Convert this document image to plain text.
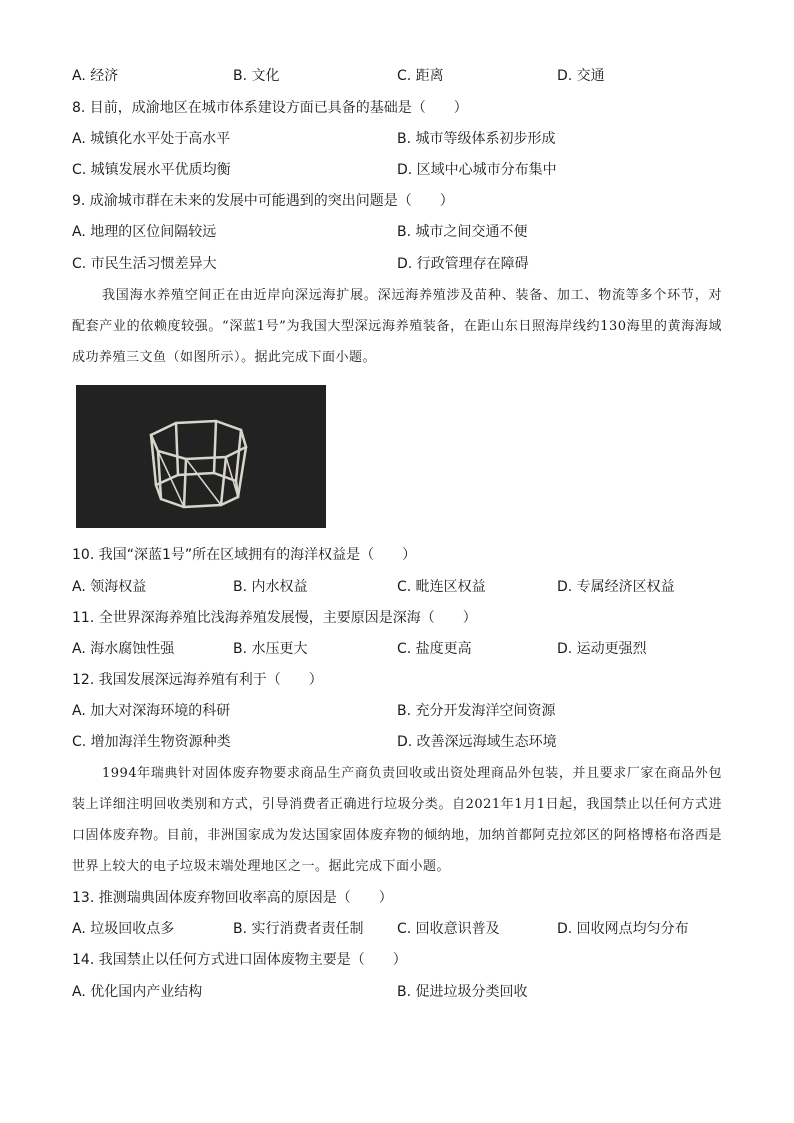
A. 经济	B. 文化	C. 距离	D. 交通
8. 目前，成渝地区在城市体系建设方面已具备的基础是（　　）
A. 城镇化水平处于高水平	B. 城市等级体系初步形成
C. 城镇发展水平优质均衡	D. 区域中心城市分布集中
9. 成渝城市群在未来的发展中可能遇到的突出问题是（　　）
A. 地理的区位间隔较远	B. 城市之间交通不便
C. 市民生活习惯差异大	D. 行政管理存在障碍
我国海水养殖空间正在由近岸向深远海扩展。深远海养殖涉及苗种、装备、加工、物流等多个环节，对配套产业的依赖度较强。“深蓝1号”为我国大型深远海养殖装备，在距山东日照海岸线约130海里的黄海海域成功养殖三文鱼（如图所示）。据此完成下面小题。
10. 我国“深蓝1号”所在区域拥有的海洋权益是（　　）
A. 领海权益	B. 内水权益	C. 毗连区权益	D. 专属经济区权益
11. 全世界深海养殖比浅海养殖发展慢，主要原因是深海（　　）
A. 海水腐蚀性强	B. 水压更大	C. 盐度更高	D. 运动更强烈
12. 我国发展深远海养殖有利于（　　）
A. 加大对深海环境的科研	B. 充分开发海洋空间资源
C. 增加海洋生物资源种类	D. 改善深远海域生态环境
1994年瑞典针对固体废弃物要求商品生产商负责回收或出资处理商品外包装，并且要求厂家在商品外包装上详细注明回收类别和方式，引导消费者正确进行垃圾分类。自2021年1月1日起，我国禁止以任何方式进口固体废弃物。目前，非洲国家成为发达国家固体废弃物的倾纳地，加纳首都阿克拉郊区的阿格博格布洛西是世界上较大的电子垃圾末端处理地区之一。据此完成下面小题。
13. 推测瑞典固体废弃物回收率高的原因是（　　）
A. 垃圾回收点多	B. 实行消费者责任制 C. 回收意识普及	D. 回收网点均匀分布
14. 我国禁止以任何方式进口固体废物主要是（　　）
A. 优化国内产业结构	B. 促进垃圾分类回收
